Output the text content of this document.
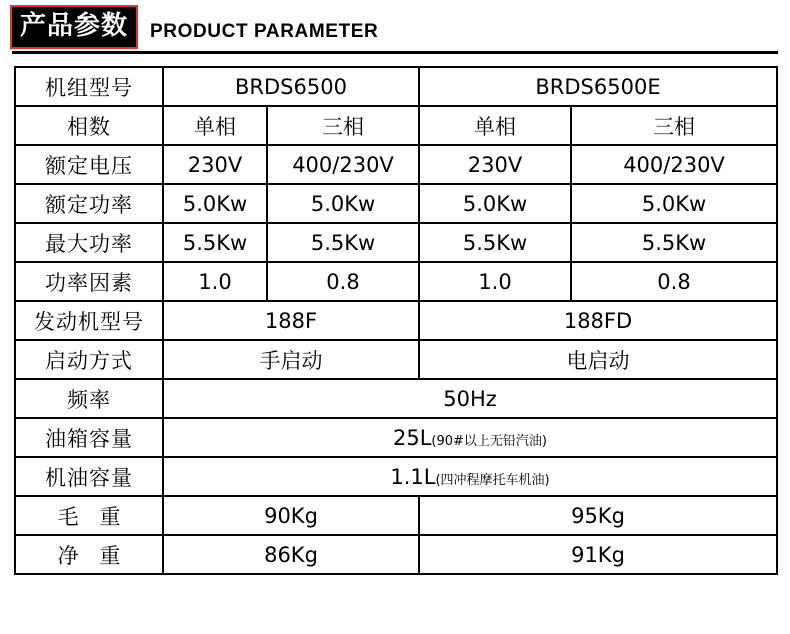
产品参数	PRODUCT PARAMETER
机组型号	BRDS6500		BRDS6500E	
相数	单相	三相	单相	三相
额定电压	230V	400/230V	230V	400/230V
额定功率	5.0Kw	5.0Kw	5.0Kw	5.0Kw
最大功率	5.5Kw	5.5Kw	5.5Kw	5.5Kw
功率因素	1.0	0.8	1.0	0.8
发动机型号	188F		188FD	
启动方式	手启动		电启动	
频率	50Hz			
油箱容量	25L(90#以上无铅汽油)			
机油容量	1.1L(四冲程摩托车机油)			
毛 重	90Kg		95Kg	
净 重	86Kg		91Kg	
